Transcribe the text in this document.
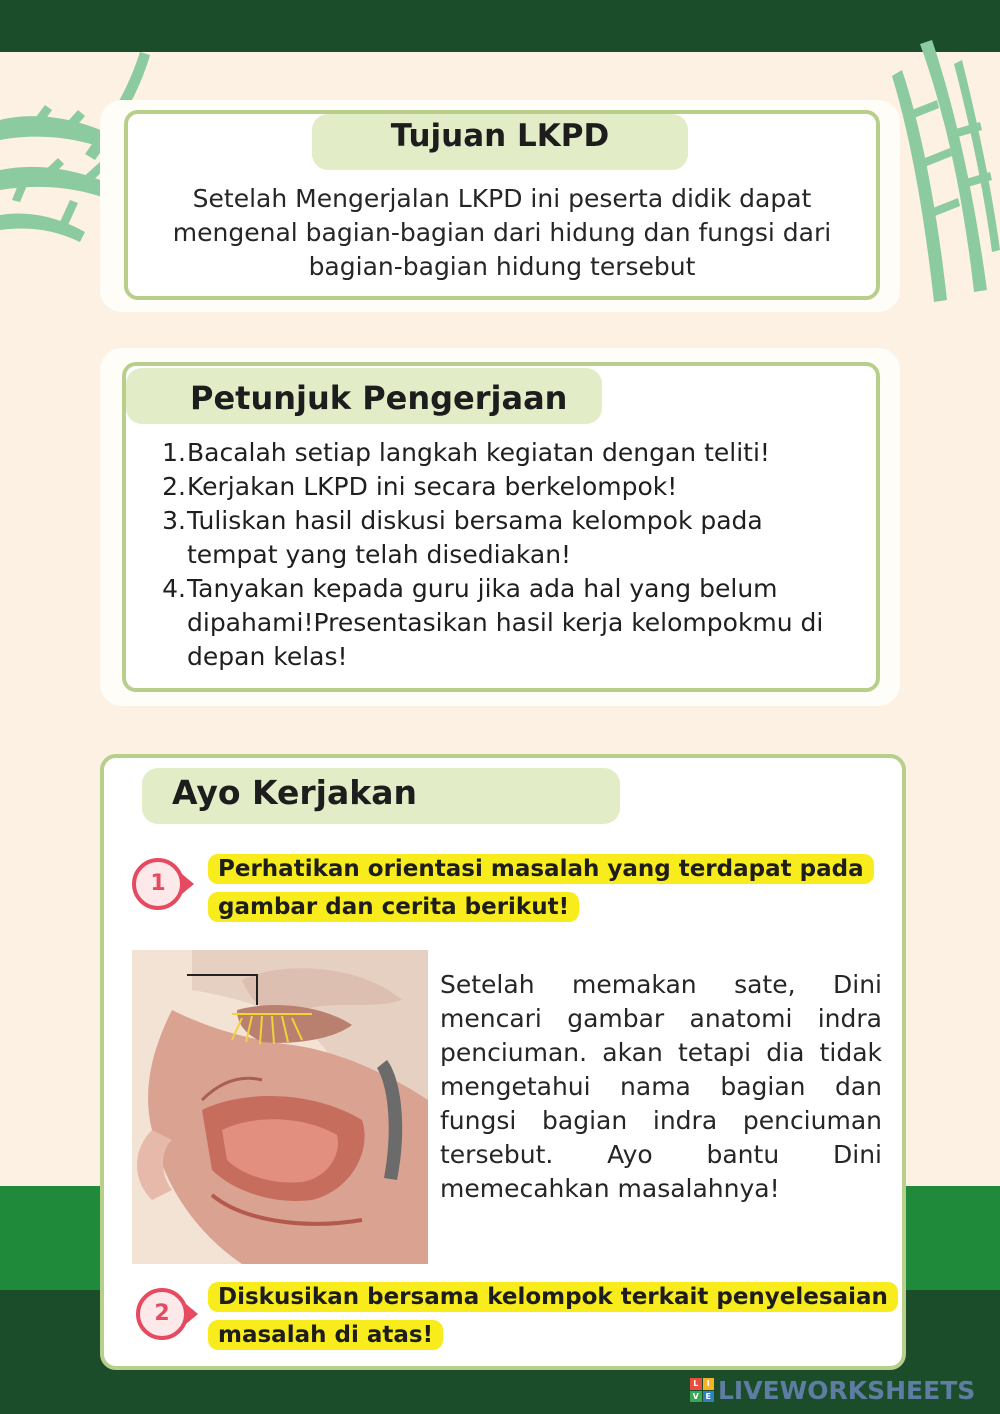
Tujuan LKPD

Setelah Mengerjalan LKPD ini peserta didik dapat mengenal bagian-bagian dari hidung dan fungsi dari bagian-bagian hidung tersebut

Petunjuk Pengerjaan
1. Bacalah setiap langkah kegiatan dengan teliti!
2. Kerjakan LKPD ini secara berkelompok!
3. Tuliskan hasil diskusi bersama kelompok pada tempat yang telah disediakan!
4. Tanyakan kepada guru jika ada hal yang belum dipahami!Presentasikan hasil kerja kelompokmu di depan kelas!
Ayo Kerjakan
1
Perhatikan orientasi masalah yang terdapat pada gambar dan cerita berikut!

Setelah memakan sate, Dini mencari gambar anatomi indra penciuman. akan tetapi dia tidak mengetahui nama bagian dan fungsi bagian indra penciuman tersebut. Ayo bantu Dini memecahkan masalahnya!

2
Diskusikan bersama kelompok terkait penyelesaian masalah di atas!
L	I
V E LIVEWORKSHEETS
